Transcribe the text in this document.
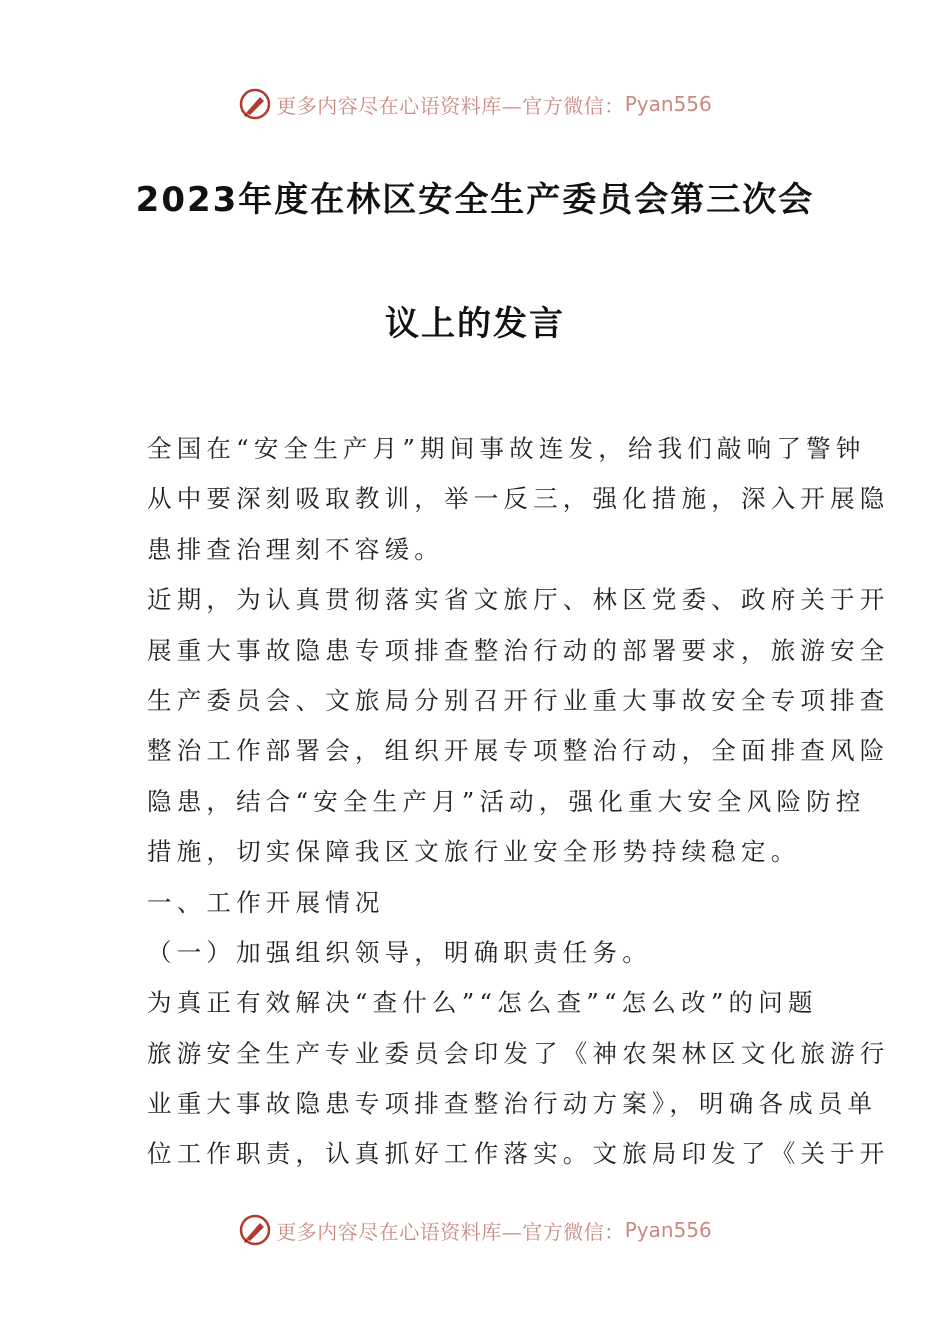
更多内容尽在心语资料库—官方微信： Pyan556
2023年度在林区安全生产委员会第三次会
议上的发言
全国在“安全生产月”期间事故连发，给我们敲响了警钟
从中要深刻吸取教训，举一反三，强化措施，深入开展隐
患排查治理刻不容缓。
近期，为认真贯彻落实省文旅厅、林区党委、政府关于开
展重大事故隐患专项排查整治行动的部署要求，旅游安全
生产委员会、文旅局分别召开行业重大事故安全专项排查
整治工作部署会，组织开展专项整治行动，全面排查风险
隐患，结合“安全生产月”活动，强化重大安全风险防控
措施，切实保障我区文旅行业安全形势持续稳定。
一、工作开展情况
（一）加强组织领导，明确职责任务。
为真正有效解决“查什么”“怎么查”“怎么改”的问题
旅游安全生产专业委员会印发了《神农架林区文化旅游行
业重大事故隐患专项排查整治行动方案》，明确各成员单
位工作职责，认真抓好工作落实。文旅局印发了《关于开
更多内容尽在心语资料库—官方微信： Pyan556
